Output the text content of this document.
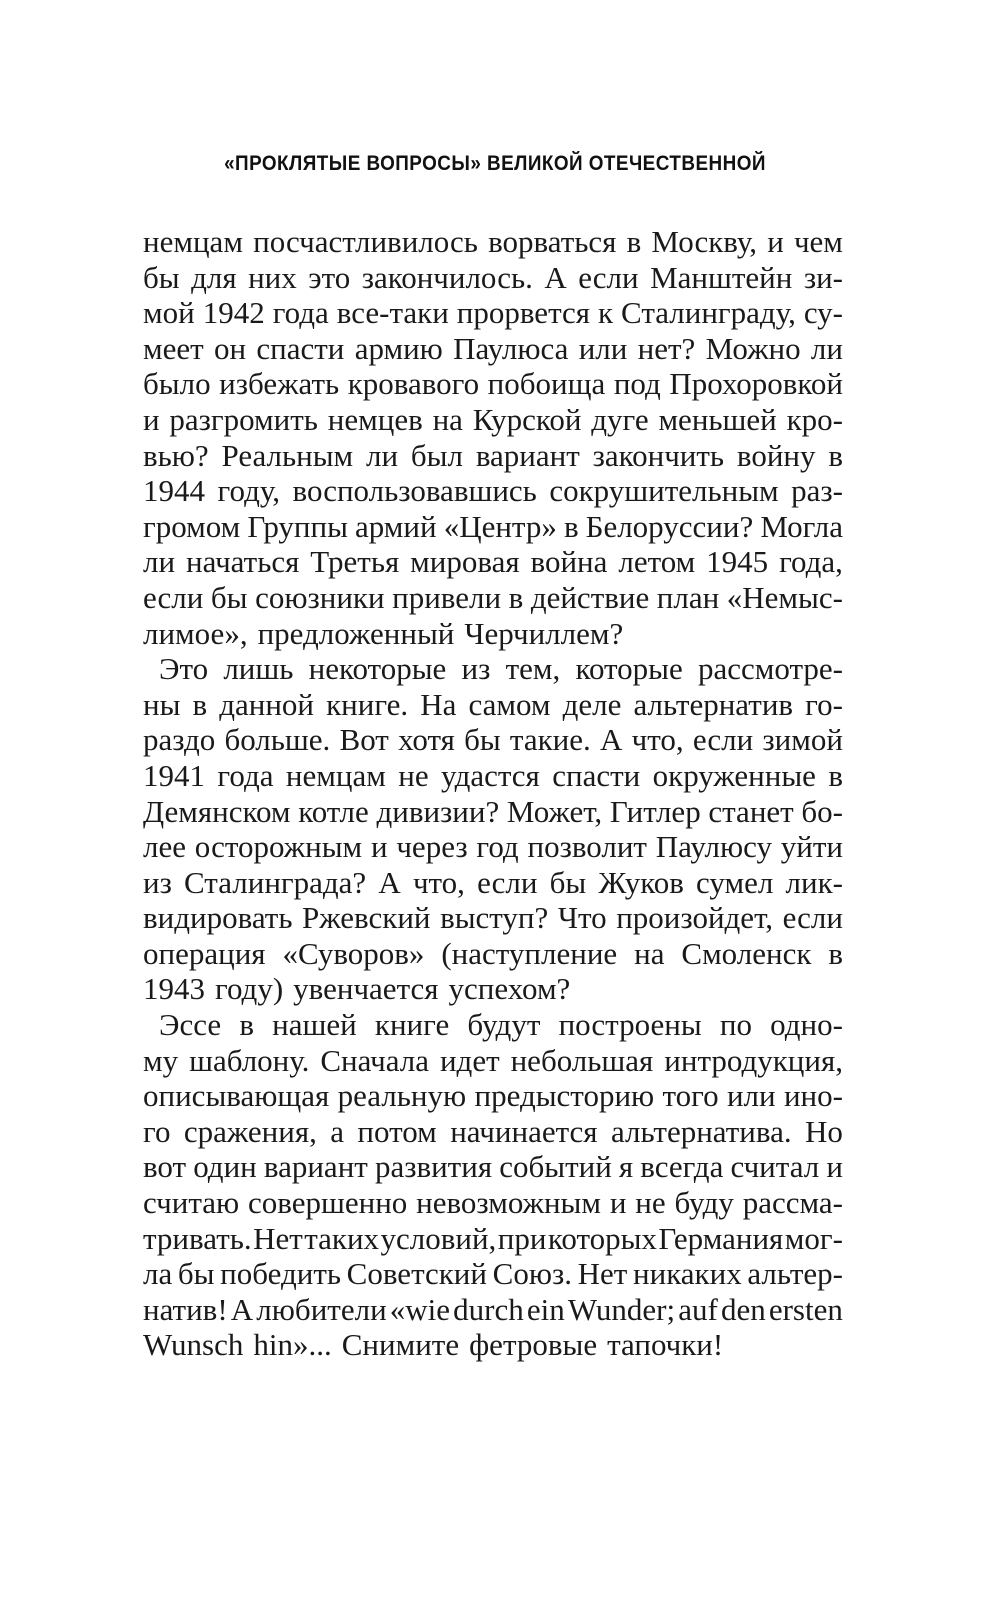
«ПРОКЛЯТЫЕ ВОПРОСЫ» ВЕЛИКОЙ ОТЕЧЕСТВЕННОЙ
немцам посчастливилось ворваться в Москву, и чем
бы для них это закончилось. А если Манштейн зи-
мой 1942 года все-таки прорвется к Сталинграду, су-
меет он спасти армию Паулюса или нет? Можно ли
было избежать кровавого побоища под Прохоровкой
и разгромить немцев на Курской дуге меньшей кро-
вью? Реальным ли был вариант закончить войну в
1944 году, воспользовавшись сокрушительным раз-
громом Группы армий «Центр» в Белоруссии? Могла
ли начаться Третья мировая война летом 1945 года,
если бы союзники привели в действие план «Немыс-
лимое», предложенный Черчиллем?
Это лишь некоторые из тем, которые рассмотре-
ны в данной книге. На самом деле альтернатив го-
раздо больше. Вот хотя бы такие. А что, если зимой
1941 года немцам не удастся спасти окруженные в
Демянском котле дивизии? Может, Гитлер станет бо-
лее осторожным и через год позволит Паулюсу уйти
из Сталинграда? А что, если бы Жуков сумел лик-
видировать Ржевский выступ? Что произойдет, если
операция «Суворов» (наступление на Смоленск в
1943 году) увенчается успехом?
Эссе в нашей книге будут построены по одно-
му шаблону. Сначала идет небольшая интродукция,
описывающая реальную предысторию того или ино-
го сражения, а потом начинается альтернатива. Но
вот один вариант развития событий я всегда считал и
считаю совершенно невозможным и не буду рассма-
тривать. Нет таких условий, при которых Германия мог-
ла бы победить Советский Союз. Нет никаких альтер-
натив! А любители «wie durch ein Wunder; auf den ersten
Wunsch hin»... Снимите фетровые тапочки!
